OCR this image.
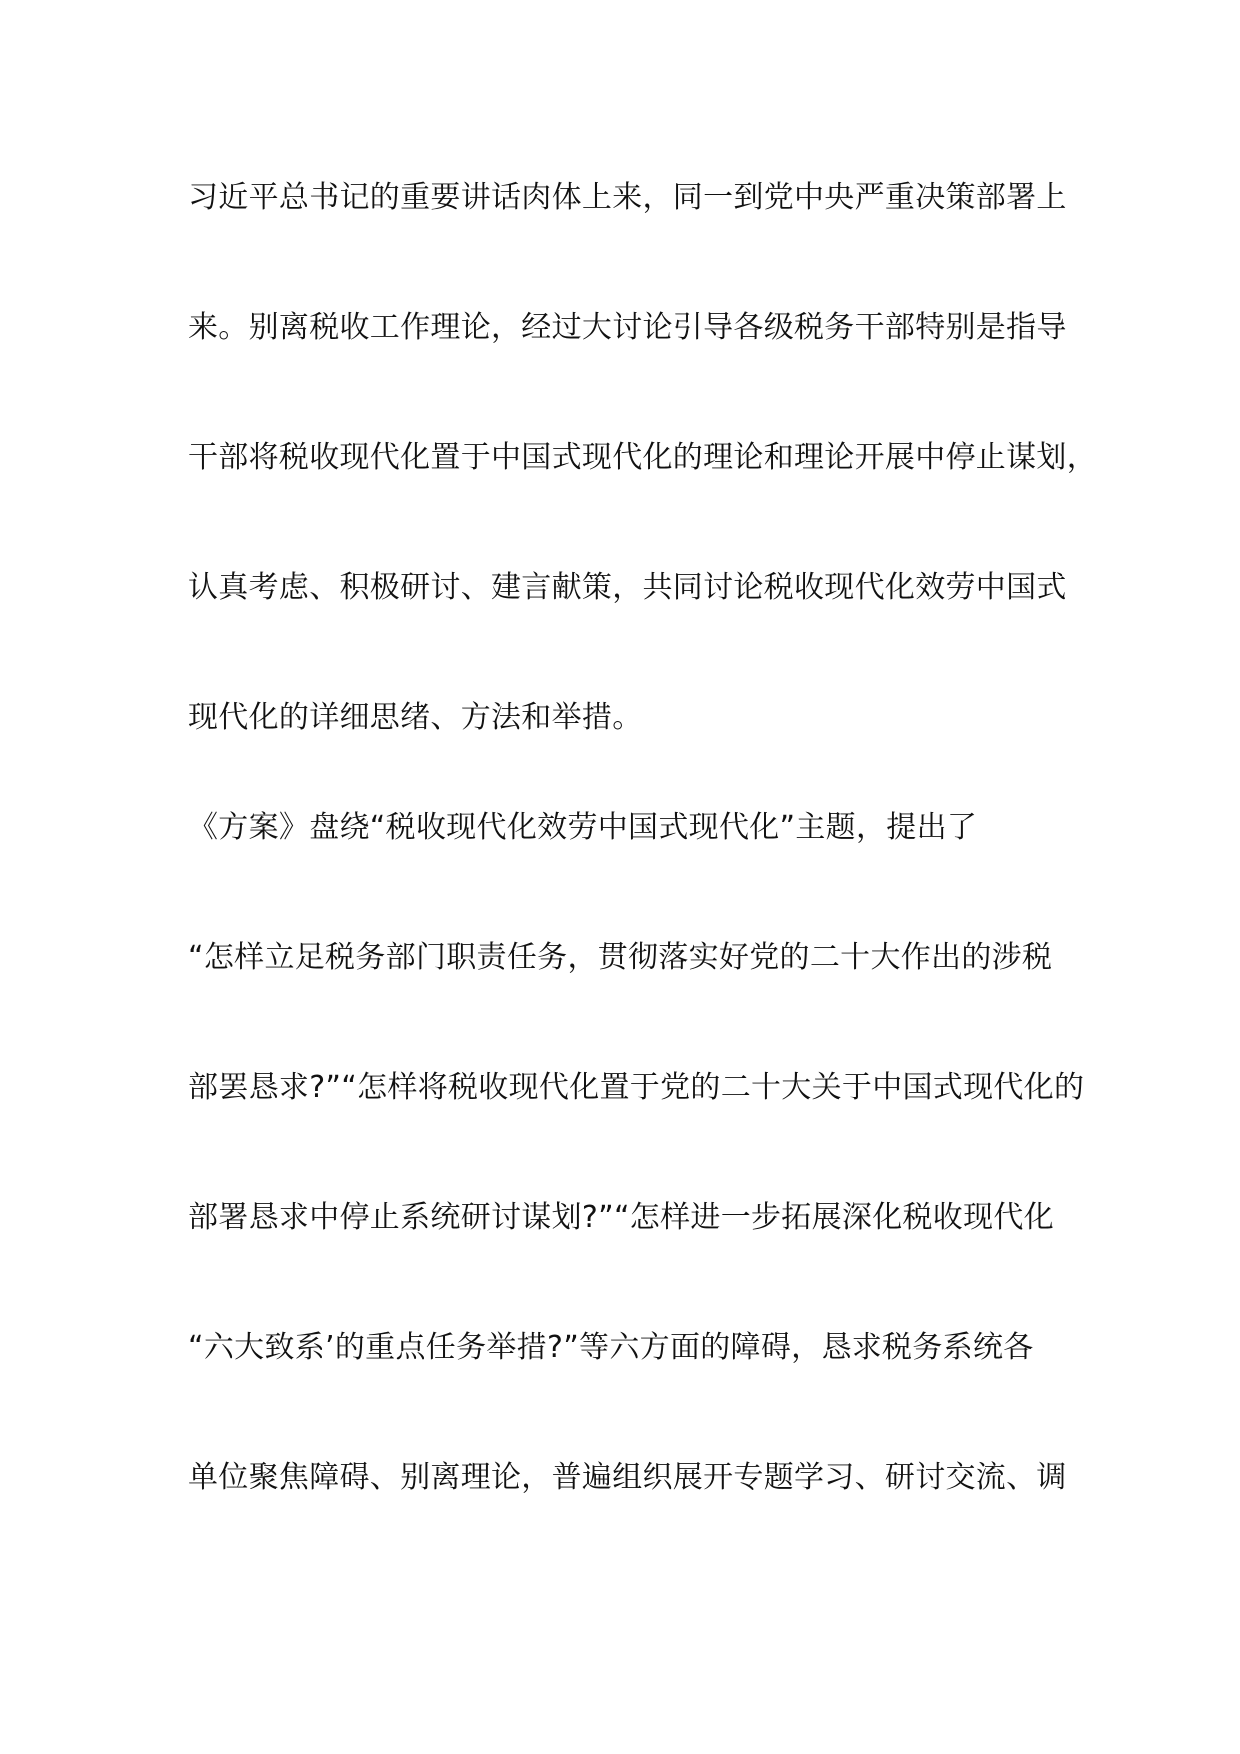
习近平总书记的重要讲话肉体上来，同一到党中央严重决策部署上
来。别离税收工作理论，经过大讨论引导各级税务干部特别是指导
干部将税收现代化置于中国式现代化的理论和理论开展中停止谋划，
认真考虑、积极研讨、建言献策，共同讨论税收现代化效劳中国式
现代化的详细思绪、方法和举措。
《方案》盘绕“税收现代化效劳中国式现代化”主题，提出了
“怎样立足税务部门职责任务，贯彻落实好党的二十大作出的涉税
部罢恳求?”“怎样将税收现代化置于党的二十大关于中国式现代化的
部署恳求中停止系统研讨谋划?”“怎样进一步拓展深化税收现代化
“六大致系’的重点任务举措?”等六方面的障碍，恳求税务系统各
单位聚焦障碍、别离理论，普遍组织展开专题学习、研讨交流、调
